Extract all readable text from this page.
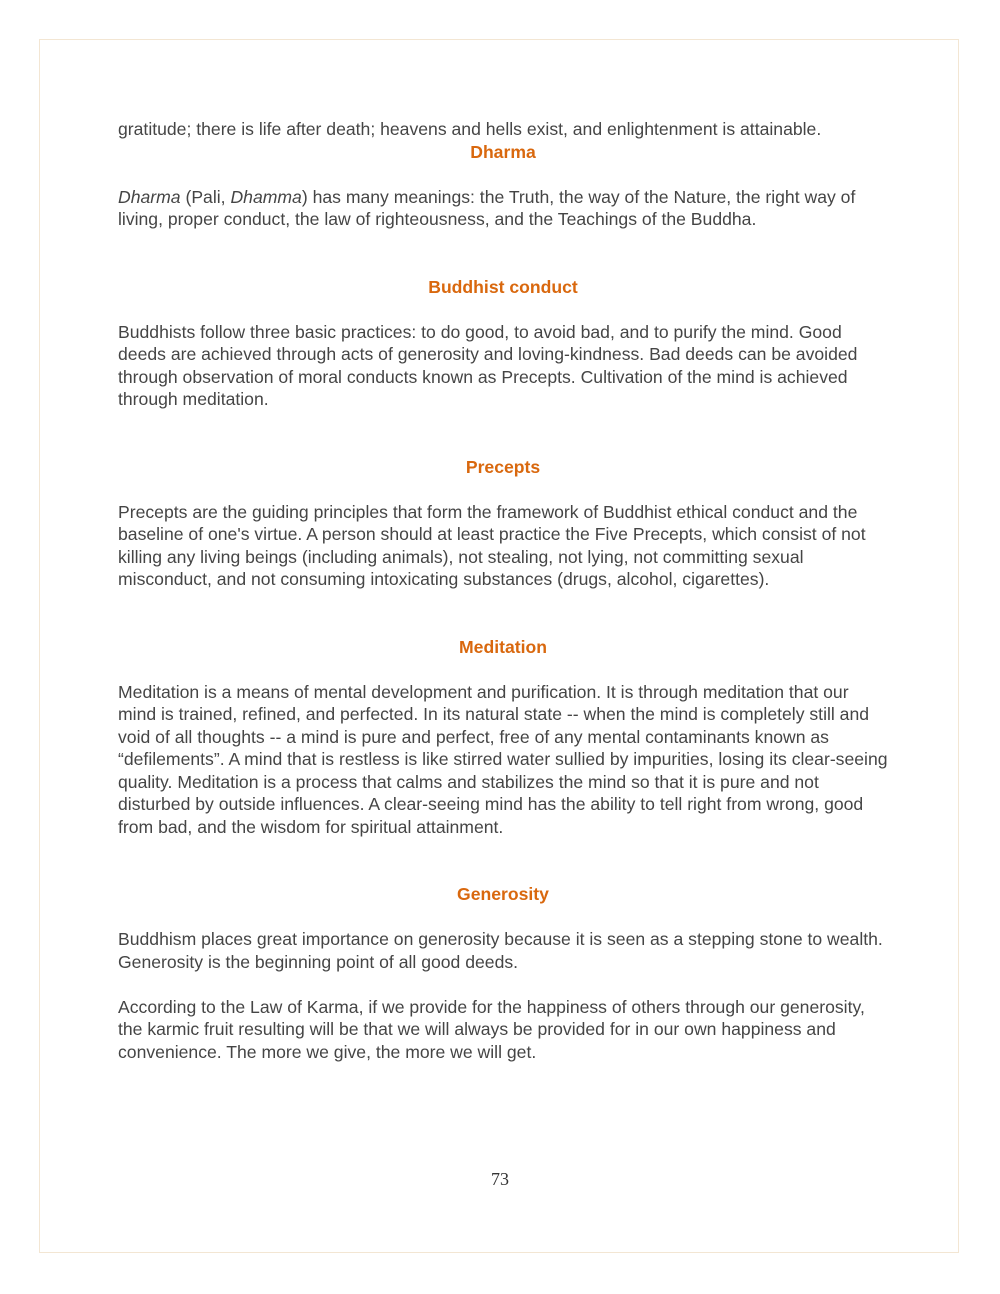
gratitude; there is life after death; heavens and hells exist, and enlightenment is attainable.

Dharma

Dharma (Pali, Dhamma) has many meanings: the Truth, the way of the Nature, the right way of living, proper conduct, the law of righteousness, and the Teachings of the Buddha.

Buddhist conduct

Buddhists follow three basic practices: to do good, to avoid bad, and to purify the mind. Good deeds are achieved through acts of generosity and loving-kindness. Bad deeds can be avoided through observation of moral conducts known as Precepts. Cultivation of the mind is achieved through meditation.

Precepts

Precepts are the guiding principles that form the framework of Buddhist ethical conduct and the baseline of one's virtue. A person should at least practice the Five Precepts, which consist of not killing any living beings (including animals), not stealing, not lying, not committing sexual misconduct, and not consuming intoxicating substances (drugs, alcohol, cigarettes).

Meditation

Meditation is a means of mental development and purification. It is through meditation that our mind is trained, refined, and perfected. In its natural state -- when the mind is completely still and void of all thoughts -- a mind is pure and perfect, free of any mental contaminants known as “defilements”. A mind that is restless is like stirred water sullied by impurities, losing its clear-seeing quality. Meditation is a process that calms and stabilizes the mind so that it is pure and not disturbed by outside influences. A clear-seeing mind has the ability to tell right from wrong, good from bad, and the wisdom for spiritual attainment.

Generosity

Buddhism places great importance on generosity because it is seen as a stepping stone to wealth. Generosity is the beginning point of all good deeds.

According to the Law of Karma, if we provide for the happiness of others through our generosity, the karmic fruit resulting will be that we will always be provided for in our own happiness and convenience. The more we give, the more we will get.

73
